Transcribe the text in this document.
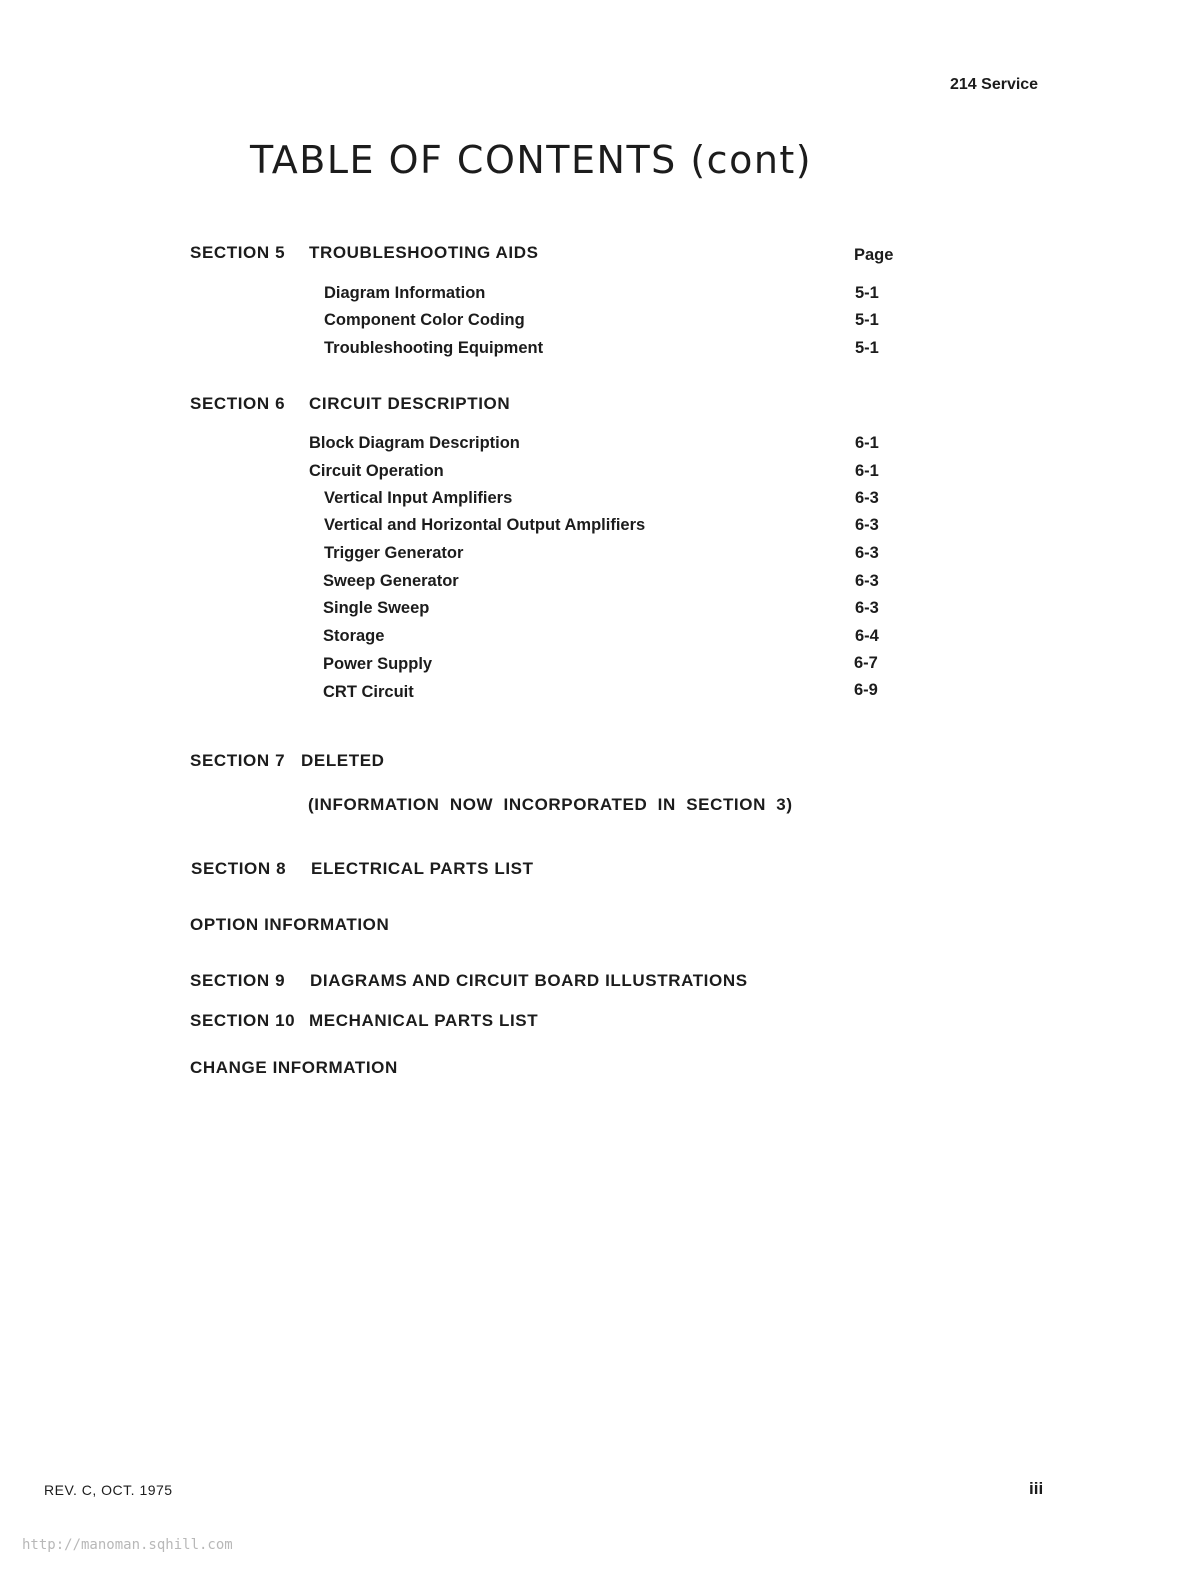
214 Service
TABLE OF CONTENTS (cont)
SECTION 5 TROUBLESHOOTING AIDS	Page
Diagram Information	5-1
Component Color Coding	5-1
Troubleshooting Equipment	5-1
SECTION 6 CIRCUIT DESCRIPTION
Block Diagram Description	6-1
Circuit Operation	6-1
Vertical Input Amplifiers	6-3
Vertical and Horizontal Output Amplifiers	6-3
Trigger Generator	6-3
Sweep Generator	6-3
Single Sweep	6-3
Storage	6-4
Power Supply	6-7
CRT Circuit	6-9
SECTION 7 DELETED
(INFORMATION NOW INCORPORATED IN SECTION 3)
SECTION 8 ELECTRICAL PARTS LIST
OPTION INFORMATION
SECTION 9 DIAGRAMS AND CIRCUIT BOARD ILLUSTRATIONS
SECTION 10 MECHANICAL PARTS LIST
CHANGE INFORMATION
REV. C, OCT. 1975	iii
http://manoman.sqhill.com
